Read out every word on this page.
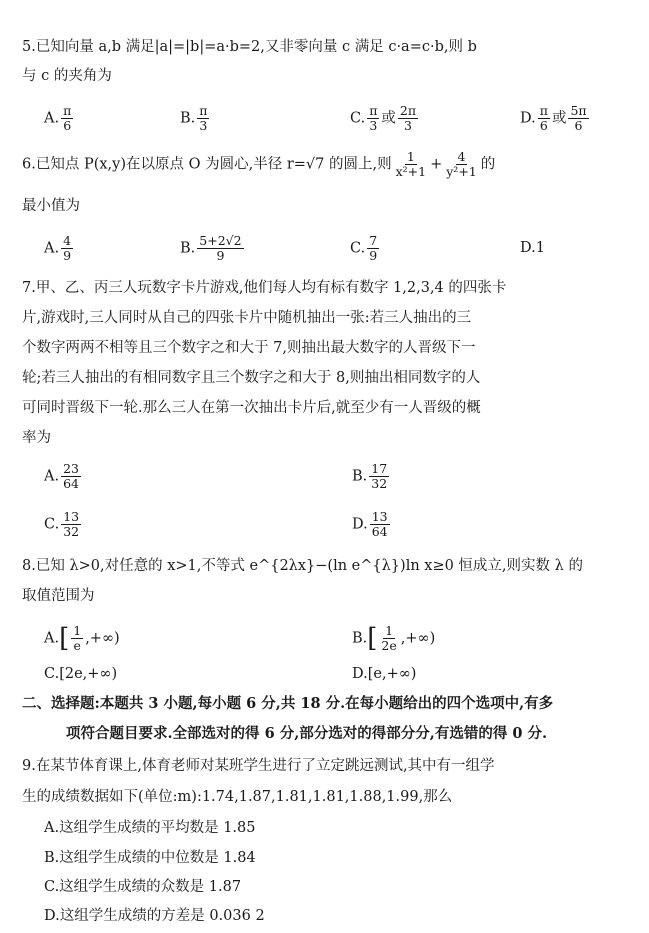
5.已知向量 a,b 满足|a|=|b|=a·b=2,又非零向量 c 满足 c·a=c·b,则 b
与 c 的夹角为
A. $\frac{\pi}{6}$	B. $\frac{\pi}{3}$	C. $\frac{\pi}{3}$ 或 $\frac{2\pi}{3}$	D. $\frac{\pi}{6}$ 或 $\frac{5\pi}{6}$
6.已知点 P(x,y)在以原点 O 为圆心,半径 r=√7 的圆上,则 $\frac{1}{\text{x²+1}} + \frac{4}{\text{y²+1}}$ 的
最小值为
A. $\frac{4}{9}$	B. $\frac{5+2√2}{9}$	C. $\frac{7}{9}$	D.1
7.甲、乙、丙三人玩数字卡片游戏,他们每人均有标有数字 1,2,3,4 的四张卡
片,游戏时,三人同时从自己的四张卡片中随机抽出一张:若三人抽出的三
个数字两两不相等且三个数字之和大于 7,则抽出最大数字的人晋级下一
轮;若三人抽出的有相同数字且三个数字之和大于 8,则抽出相同数字的人
可同时晋级下一轮.那么三人在第一次抽出卡片后,就至少有一人晋级的概
率为
A. $\frac{23}{64}$	B. $\frac{17}{32}$
C. $\frac{13}{32}$	D. $\frac{13}{64}$
8.已知 λ>0,对任意的 x>1,不等式 e^{2λx}−(ln e^{λ})ln x≥0 恒成立,则实数 λ 的
取值范围为
$A.[ \frac{1}{e}$ ,+∞)	$B.[ \frac{1}{2e}$ ,+∞)
C.[2e,+∞)	D.[e,+∞)
二、选择题:本题共 3 小题,每小题 6 分,共 18 分.在每小题给出的四个选项中,有多
项符合题目要求.全部选对的得 6 分,部分选对的得部分分,有选错的得 0 分.
9.在某节体育课上,体育老师对某班学生进行了立定跳远测试,其中有一组学
生的成绩数据如下(单位:m):1.74,1.87,1.81,1.81,1.88,1.99,那么
A.这组学生成绩的平均数是 1.85
B.这组学生成绩的中位数是 1.84
C.这组学生成绩的众数是 1.87
D.这组学生成绩的方差是 0.036 2
